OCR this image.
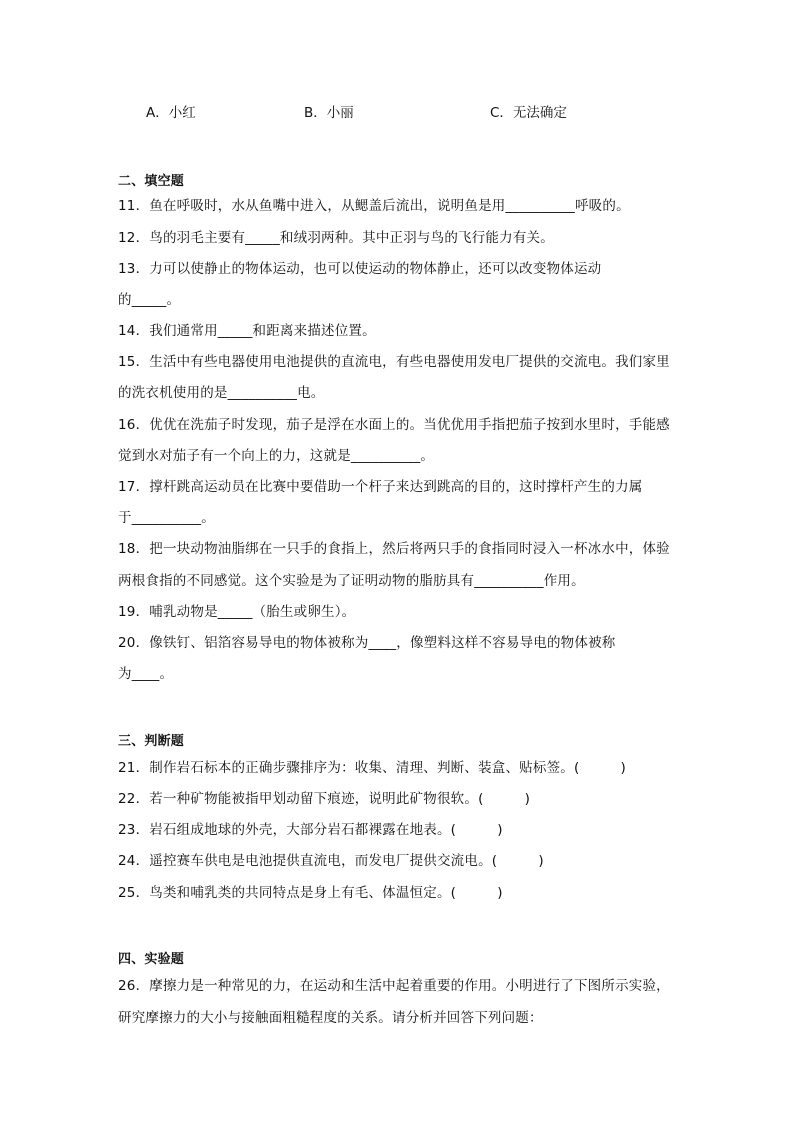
A．小红	B．小丽	C．无法确定
二、填空题
11．鱼在呼吸时，水从鱼嘴中进入，从鳃盖后流出，说明鱼是用__________呼吸的。
12．鸟的羽毛主要有_____和绒羽两种。其中正羽与鸟的飞行能力有关。
13．力可以使静止的物体运动，也可以使运动的物体静止，还可以改变物体运动
的_____。
14．我们通常用_____和距离来描述位置。
15．生活中有些电器使用电池提供的直流电，有些电器使用发电厂提供的交流电。我们家里
的洗衣机使用的是__________电。
16．优优在洗茄子时发现，茄子是浮在水面上的。当优优用手指把茄子按到水里时，手能感
觉到水对茄子有一个向上的力，这就是__________。
17．撑杆跳高运动员在比赛中要借助一个杆子来达到跳高的目的，这时撑杆产生的力属
于__________。
18．把一块动物油脂绑在一只手的食指上，然后将两只手的食指同时浸入一杯冰水中，体验
两根食指的不同感觉。这个实验是为了证明动物的脂肪具有__________作用。
19．哺乳动物是_____（胎生或卵生）。
20．像铁钉、铝箔容易导电的物体被称为____，像塑料这样不容易导电的物体被称
为____。
三、判断题
21．制作岩石标本的正确步骤排序为：收集、清理、判断、装盒、贴标签。(　　　)
22．若一种矿物能被指甲划动留下痕迹，说明此矿物很软。(　　　)
23．岩石组成地球的外壳，大部分岩石都裸露在地表。(　　　)
24．遥控赛车供电是电池提供直流电，而发电厂提供交流电。(　　　)
25．鸟类和哺乳类的共同特点是身上有毛、体温恒定。(　　　)
四、实验题
26．摩擦力是一种常见的力，在运动和生活中起着重要的作用。小明进行了下图所示实验，
研究摩擦力的大小与接触面粗糙程度的关系。请分析并回答下列问题：
